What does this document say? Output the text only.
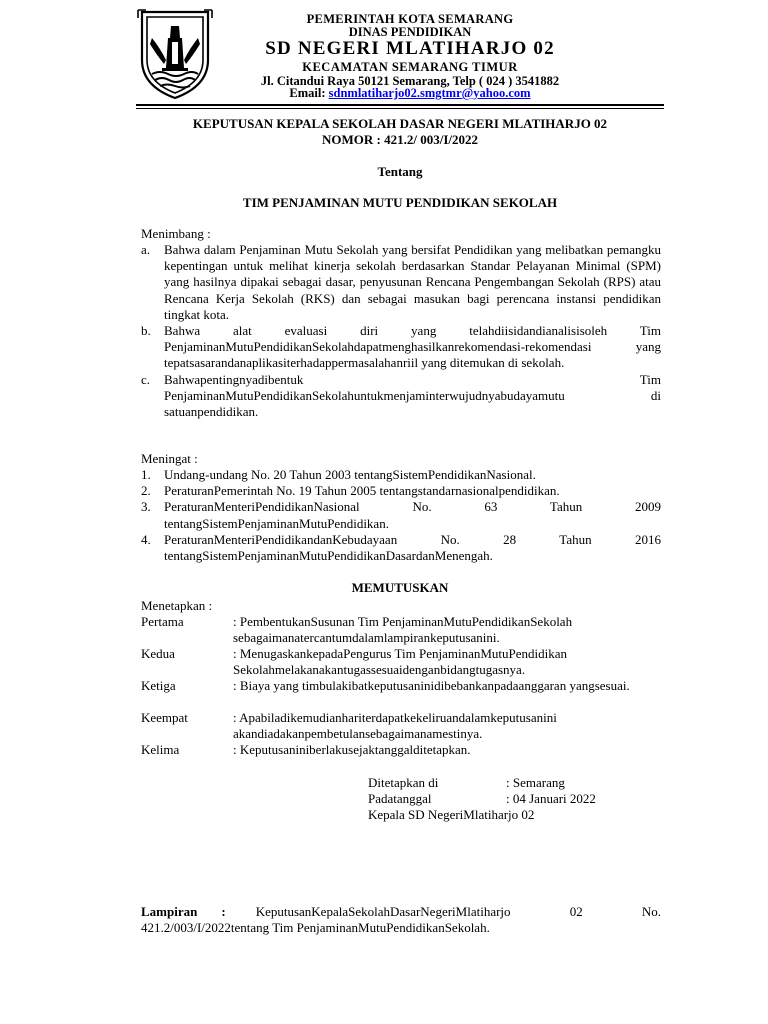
PEMERINTAH KOTA SEMARANG
DINAS PENDIDIKAN
SD NEGERI MLATIHARJO 02
KECAMATAN SEMARANG TIMUR
Jl. Citandui Raya 50121 Semarang, Telp ( 024 ) 3541882
Email: sdnmlatiharjo02.smgtmr@yahoo.com
KEPUTUSAN KEPALA SEKOLAH DASAR NEGERI MLATIHARJO 02
NOMOR : 421.2/ 003/I/2022
Tentang
TIM PENJAMINAN MUTU PENDIDIKAN SEKOLAH
Menimbang :
a. Bahwa dalam Penjaminan Mutu Sekolah yang bersifat Pendidikan yang melibatkan pemangku kepentingan untuk melihat kinerja sekolah berdasarkan Standar Pelayanan Minimal (SPM) yang hasilnya dipakai sebagai dasar, penyusunan Rencana Pengembangan Sekolah (RPS) atau Rencana Kerja Sekolah (RKS) dan sebagai masukan bagi perencana instansi pendidikan tingkat kota.
b. Bahwa alat evaluasi diri yang telahdiisidandianalisisoleh Tim PenjaminanMutuPendidikanSekolahdapatmenghasilkanrekomendasi-rekomendasi yang tepatsasarandanaplikasiterhadappermasalahanriil yang ditemukan di sekolah.
c. Bahwapentingnyadibentuk Tim PenjaminanMutuPendidikanSekolahuntukmenjaminterwujudnyabudayamutu di satuanpendidikan.
Meningat :
1. Undang-undang No. 20 Tahun 2003 tentangSistemPendidikanNasional.
2. PeraturanPemerintah No. 19 Tahun 2005 tentangstandarnasionalpendidikan.
3. PeraturanMenteriPendidikanNasional No. 63 Tahun 2009 tentangSistemPenjaminanMutuPendidikan.
4. PeraturanMenteriPendidikandanKebudayaan No. 28 Tahun 2016 tentangSistemPenjaminanMutuPendidikanDasardanMenengah.
MEMUTUSKAN
Menetapkan :
Pertama	: PembentukanSusunan Tim PenjaminanMutuPendidikanSekolah sebagaimanatercantumdalamlampirankeputusanini.
Kedua	: MenugaskankepadaPengurus Tim PenjaminanMutuPendidikan Sekolahmelakanakantugassesuaidenganbidangtugasnya.
Ketiga	: Biaya yang timbulakibatkeputusaninidibebankanpadaanggaran yangsesuai.
Keempat	: Apabiladikemudianhariterdapatkekeliruandalamkeputusanini akandiadakanpembetulansebagaimanamestinya.
Kelima	: Keputusaniniberlakusejaktanggalditetapkan.
Ditetapkan di	: Semarang
Padatanggal	: 04 Januari 2022
Kepala SD NegeriMlatiharjo 02
Lampiran : KeputusanKepalaSekolahDasarNegeriMlatiharjo 02 No. 421.2/003/I/2022tentang Tim PenjaminanMutuPendidikanSekolah.
